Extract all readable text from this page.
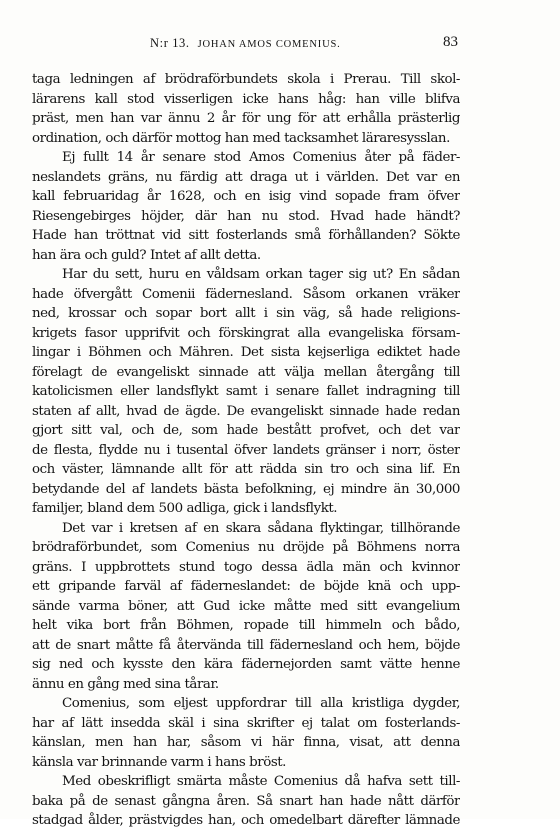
N:r 13. JOHAN AMOS COMENIUS.	83
taga ledningen af brödraförbundets skola i Prerau. Till skol-
lärarens kall stod visserligen icke hans håg: han ville blifva
präst, men han var ännu 2 år för ung för att erhålla prästerlig
ordination, och därför mottog han med tacksamhet läraresysslan.
Ej fullt 14 år senare stod Amos Comenius åter på fäder-
neslandets gräns, nu färdig att draga ut i världen. Det var en
kall februaridag år 1628, och en isig vind sopade fram öfver
Riesengebirges höjder, där han nu stod. Hvad hade händt?
Hade han tröttnat vid sitt fosterlands små förhållanden? Sökte
han ära och guld? Intet af allt detta.
Har du sett, huru en våldsam orkan tager sig ut? En sådan
hade öfvergått Comenii fädernesland. Såsom orkanen vräker
ned, krossar och sopar bort allt i sin väg, så hade religions-
krigets fasor upprifvit och förskingrat alla evangeliska försam-
lingar i Böhmen och Mähren. Det sista kejserliga ediktet hade
förelagt de evangeliskt sinnade att välja mellan återgång till
katolicismen eller landsflykt samt i senare fallet indragning till
staten af allt, hvad de ägde. De evangeliskt sinnade hade redan
gjort sitt val, och de, som hade bestått profvet, och det var
de flesta, flydde nu i tusental öfver landets gränser i norr, öster
och väster, lämnande allt för att rädda sin tro och sina lif. En
betydande del af landets bästa befolkning, ej mindre än 30,000
familjer, bland dem 500 adliga, gick i landsflykt.
Det var i kretsen af en skara sådana flyktingar, tillhörande
brödraförbundet, som Comenius nu dröjde på Böhmens norra
gräns. I uppbrottets stund togo dessa ädla män och kvinnor
ett gripande farväl af fäderneslandet: de böjde knä och upp-
sände varma böner, att Gud icke måtte med sitt evangelium
helt vika bort från Böhmen, ropade till himmeln och bådo,
att de snart måtte få återvända till fädernesland och hem, böjde
sig ned och kysste den kära fädernejorden samt vätte henne
ännu en gång med sina tårar.
Comenius, som eljest uppfordrar till alla kristliga dygder,
har af lätt insedda skäl i sina skrifter ej talat om fosterlands-
känslan, men han har, såsom vi här finna, visat, att denna
känsla var brinnande varm i hans bröst.
Med obeskrifligt smärta måste Comenius då hafva sett till-
baka på de senast gångna åren. Så snart han hade nått därför
stadgad ålder, prästvigdes han, och omedelbart därefter lämnade
